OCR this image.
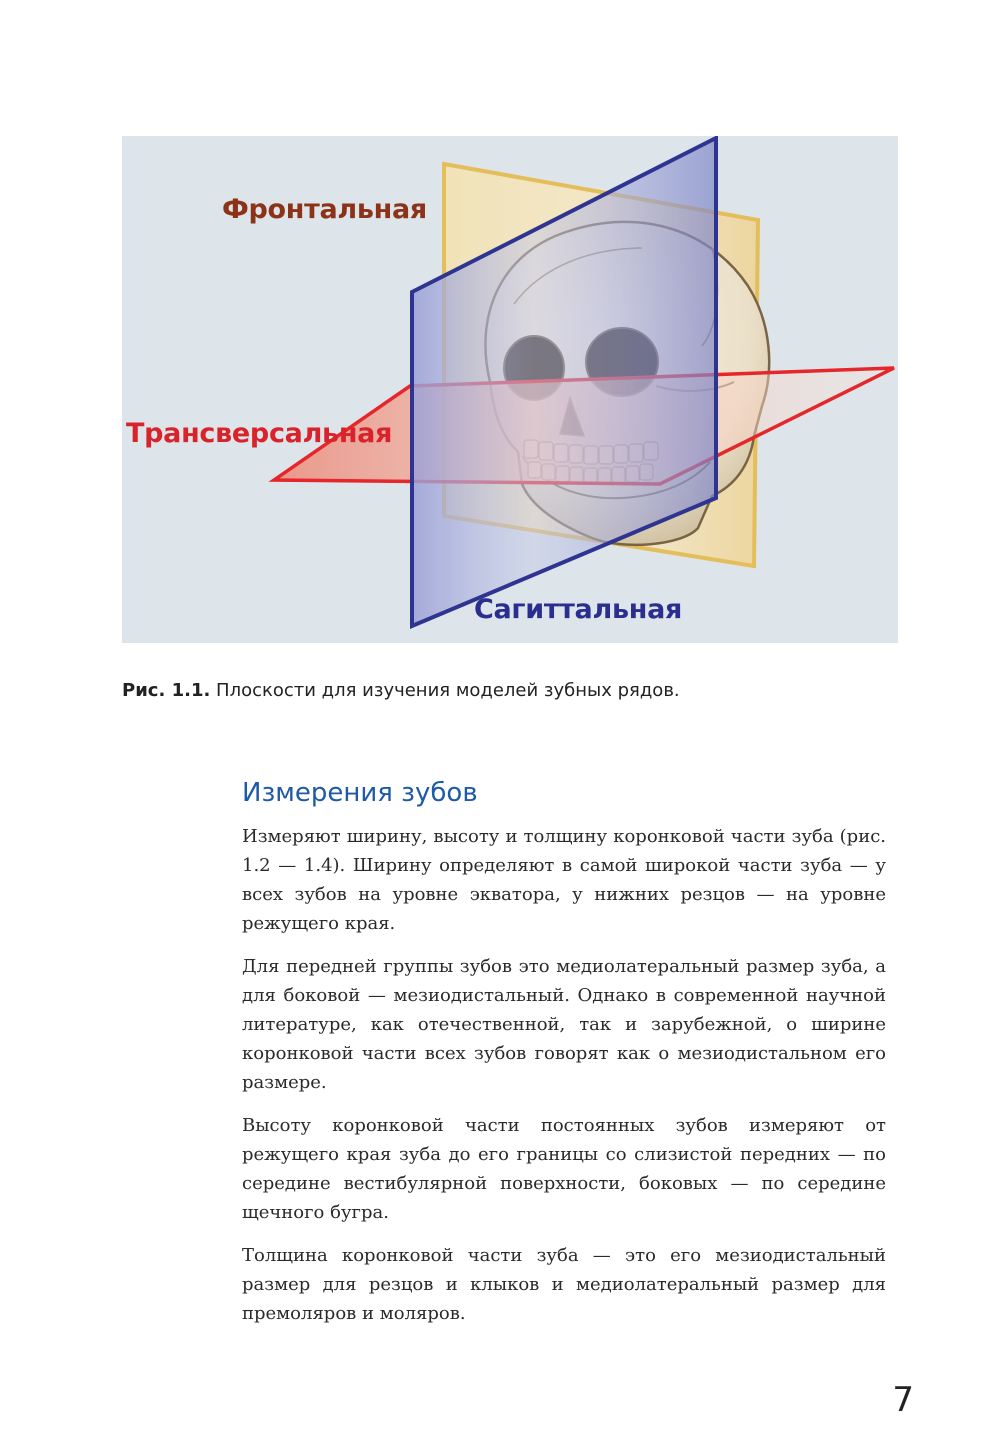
Фронтальная
Трансверсальная
Сагиттальная
Рис. 1.1. Плоскости для изучения моделей зубных рядов.
Измерения зубов

Измеряют ширину, высоту и толщину коронковой части зуба (рис. 1.2 — 1.4). Ширину определяют в самой широкой части зуба — у всех зубов на уровне экватора, у нижних резцов — на уровне режущего края.

Для передней группы зубов это медиолатеральный размер зуба, а для боковой — мезиодистальный. Однако в современной научной литературе, как отечественной, так и зарубежной, о ширине коронковой части всех зубов говорят как о мезиодистальном его размере.

Высоту коронковой части постоянных зубов измеряют от режущего края зуба до его границы со слизистой передних — по середине вестибулярной поверхности, боковых — по середине щечного бугра.

Толщина коронковой части зуба — это его мезиодистальный размер для резцов и клыков и медиолатеральный размер для премоляров и моляров.

7
